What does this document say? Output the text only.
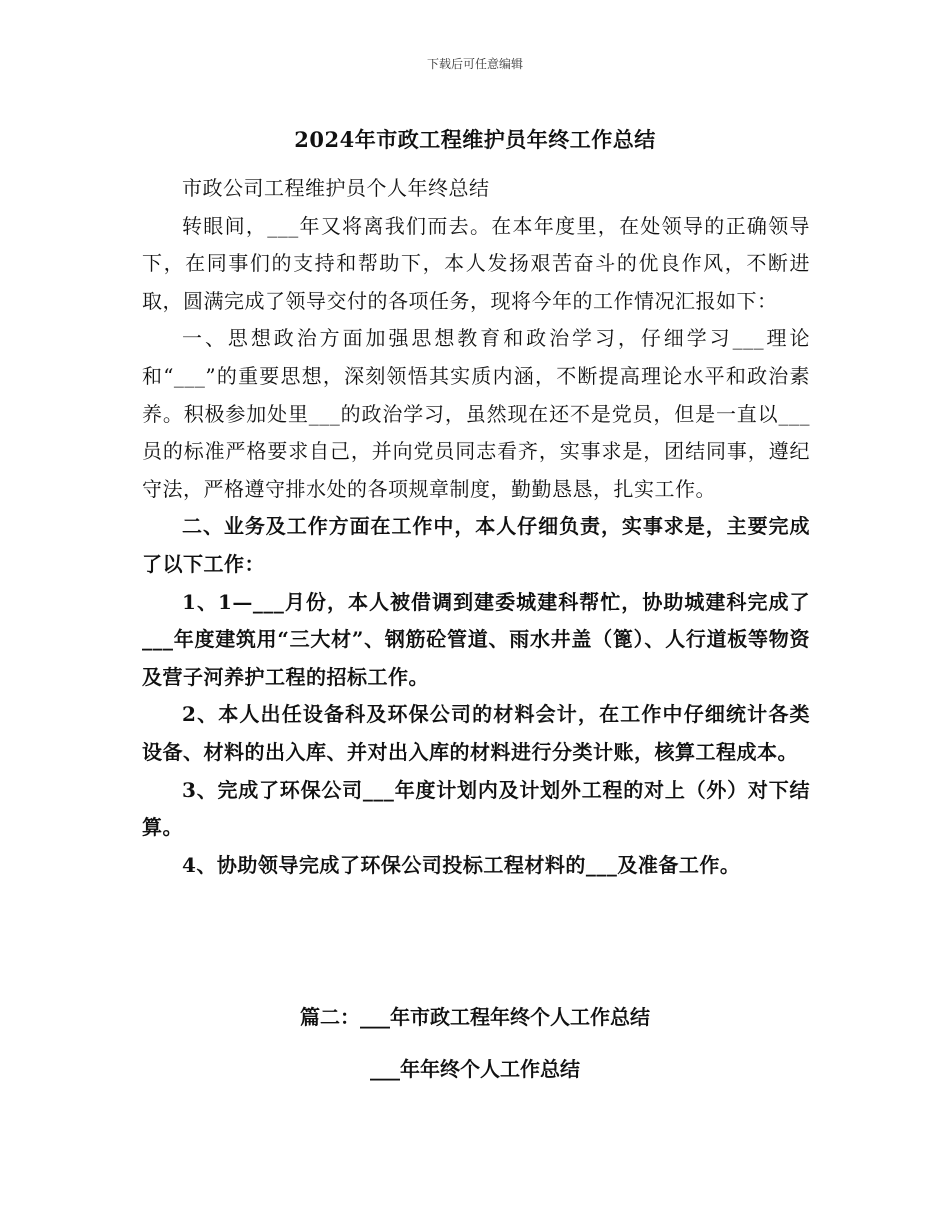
下载后可任意编辑
2024年市政工程维护员年终工作总结

市政公司工程维护员个人年终总结

转眼间，___年又将离我们而去。在本年度里，在处领导的正确领导下，在同事们的支持和帮助下，本人发扬艰苦奋斗的优良作风，不断进取，圆满完成了领导交付的各项任务，现将今年的工作情况汇报如下：

一、思想政治方面加强思想教育和政治学习，仔细学习___理论和“___”的重要思想，深刻领悟其实质内涵，不断提高理论水平和政治素养。积极参加处里___的政治学习，虽然现在还不是党员，但是一直以___员的标准严格要求自己，并向党员同志看齐，实事求是，团结同事，遵纪守法，严格遵守排水处的各项规章制度，勤勤恳恳，扎实工作。

二、业务及工作方面在工作中，本人仔细负责，实事求是，主要完成了以下工作：

1、1—___月份，本人被借调到建委城建科帮忙，协助城建科完成了___年度建筑用“三大材”、钢筋砼管道、雨水井盖（篦）、人行道板等物资及营子河养护工程的招标工作。

2、本人出任设备科及环保公司的材料会计，在工作中仔细统计各类设备、材料的出入库、并对出入库的材料进行分类计账，核算工程成本。

3、完成了环保公司___年度计划内及计划外工程的对上（外）对下结算。

4、协助领导完成了环保公司投标工程材料的___及准备工作。

篇二：___年市政工程年终个人工作总结
___年年终个人工作总结
